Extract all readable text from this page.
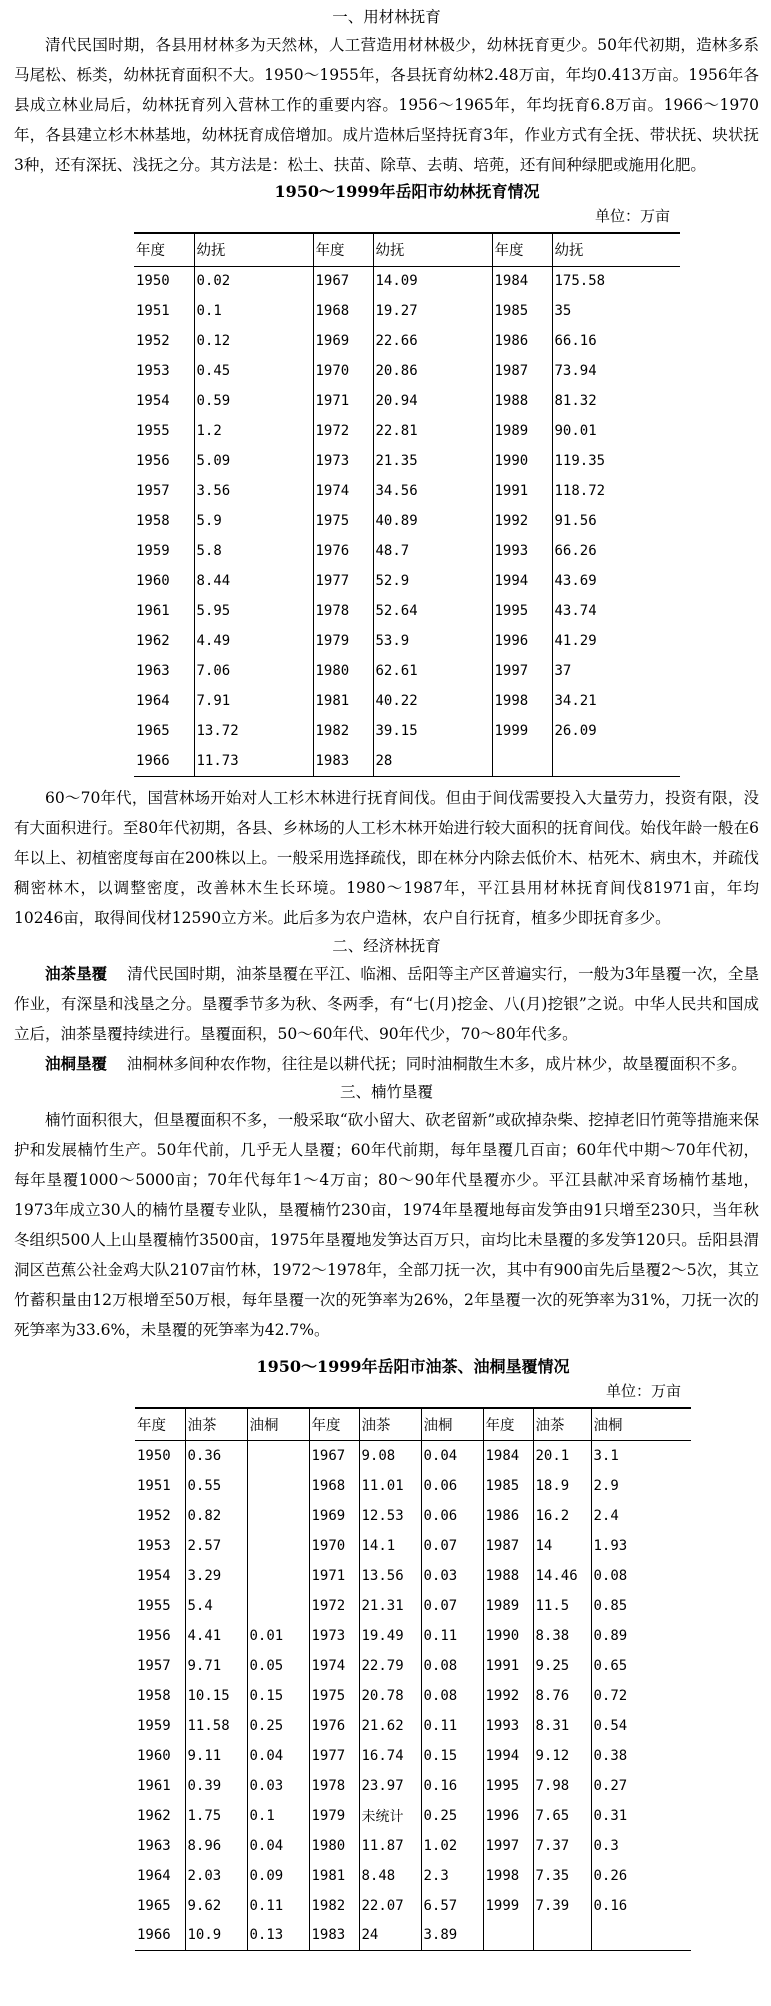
一、用材林抚育

清代民国时期，各县用材林多为天然林，人工营造用材林极少，幼林抚育更少。50年代初期，造林多系马尾松、栎类，幼林抚育面积不大。1950～1955年，各县抚育幼林2.48万亩，年均0.413万亩。1956年各县成立林业局后，幼林抚育列入营林工作的重要内容。1956～1965年，年均抚育6.8万亩。1966～1970年，各县建立杉木林基地，幼林抚育成倍增加。成片造林后坚持抚育3年，作业方式有全抚、带状抚、块状抚3种，还有深抚、浅抚之分。其方法是：松土、扶苗、除草、去萌、培蔸，还有间种绿肥或施用化肥。

1950～1999年岳阳市幼林抚育情况
单位：万亩
年度	幼抚		年度	幼抚		年度	幼抚
1950	0.02		1967	14.09		1984	175.58
1951	0.1		1968	19.27		1985	35
1952	0.12		1969	22.66		1986	66.16
1953	0.45		1970	20.86		1987	73.94
1954	0.59		1971	20.94		1988	81.32
1955	1.2		1972	22.81		1989	90.01
1956	5.09		1973	21.35		1990	119.35
1957	3.56		1974	34.56		1991	118.72
1958	5.9		1975	40.89		1992	91.56
1959	5.8		1976	48.7		1993	66.26
1960	8.44		1977	52.9		1994	43.69
1961	5.95		1978	52.64		1995	43.74
1962	4.49		1979	53.9		1996	41.29
1963	7.06		1980	62.61		1997	37
1964	7.91		1981	40.22		1998	34.21
1965	13.72		1982	39.15		1999	26.09
1966	11.73		1983	28			

60～70年代，国营林场开始对人工杉木林进行抚育间伐。但由于间伐需要投入大量劳力，投资有限，没有大面积进行。至80年代初期，各县、乡林场的人工杉木林开始进行较大面积的抚育间伐。始伐年龄一般在6年以上、初植密度每亩在200株以上。一般采用选择疏伐，即在林分内除去低价木、枯死木、病虫木，并疏伐稠密林木，以调整密度，改善林木生长环境。1980～1987年，平江县用材林抚育间伐81971亩，年均10246亩，取得间伐材12590立方米。此后多为农户造林，农户自行抚育，植多少即抚育多少。

二、经济林抚育

油茶垦覆 清代民国时期，油茶垦覆在平江、临湘、岳阳等主产区普遍实行，一般为3年垦覆一次，全垦作业，有深垦和浅垦之分。垦覆季节多为秋、冬两季，有“七(月)挖金、八(月)挖银”之说。中华人民共和国成立后，油茶垦覆持续进行。垦覆面积，50～60年代、90年代少，70～80年代多。

油桐垦覆 油桐林多间种农作物，往往是以耕代抚；同时油桐散生木多，成片林少，故垦覆面积不多。

三、楠竹垦覆

楠竹面积很大，但垦覆面积不多，一般采取“砍小留大、砍老留新”或砍掉杂柴、挖掉老旧竹蔸等措施来保护和发展楠竹生产。50年代前，几乎无人垦覆；60年代前期，每年垦覆几百亩；60年代中期～70年代初，每年垦覆1000～5000亩；70年代每年1～4万亩；80～90年代垦覆亦少。平江县献冲采育场楠竹基地，1973年成立30人的楠竹垦覆专业队，垦覆楠竹230亩，1974年垦覆地每亩发笋由91只增至230只，当年秋冬组织500人上山垦覆楠竹3500亩，1975年垦覆地发笋达百万只，亩均比未垦覆的多发笋120只。岳阳县渭洞区芭蕉公社金鸡大队2107亩竹林，1972～1978年，全部刀抚一次，其中有900亩先后垦覆2～5次，其立竹蓄积量由12万根增至50万根，每年垦覆一次的死笋率为26%，2年垦覆一次的死笋率为31%，刀抚一次的死笋率为33.6%，未垦覆的死笋率为42.7%。

1950～1999年岳阳市油茶、油桐垦覆情况
单位：万亩
年度	油茶	油桐		年度	油茶	油桐		年度	油茶	油桐
1950	0.36			1967	9.08	0.04		1984	20.1	3.1
1951	0.55			1968	11.01	0.06		1985	18.9	2.9
1952	0.82			1969	12.53	0.06		1986	16.2	2.4
1953	2.57			1970	14.1	0.07		1987	14	1.93
1954	3.29			1971	13.56	0.03		1988	14.46	0.08
1955	5.4			1972	21.31	0.07		1989	11.5	0.85
1956	4.41	0.01		1973	19.49	0.11		1990	8.38	0.89
1957	9.71	0.05		1974	22.79	0.08		1991	9.25	0.65
1958	10.15	0.15		1975	20.78	0.08		1992	8.76	0.72
1959	11.58	0.25		1976	21.62	0.11		1993	8.31	0.54
1960	9.11	0.04		1977	16.74	0.15		1994	9.12	0.38
1961	0.39	0.03		1978	23.97	0.16		1995	7.98	0.27
1962	1.75	0.1		1979	未统计	0.25		1996	7.65	0.31
1963	8.96	0.04		1980	11.87	1.02		1997	7.37	0.3
1964	2.03	0.09		1981	8.48	2.3		1998	7.35	0.26
1965	9.62	0.11		1982	22.07	6.57		1999	7.39	0.16
1966	10.9	0.13		1983	24	3.89				
